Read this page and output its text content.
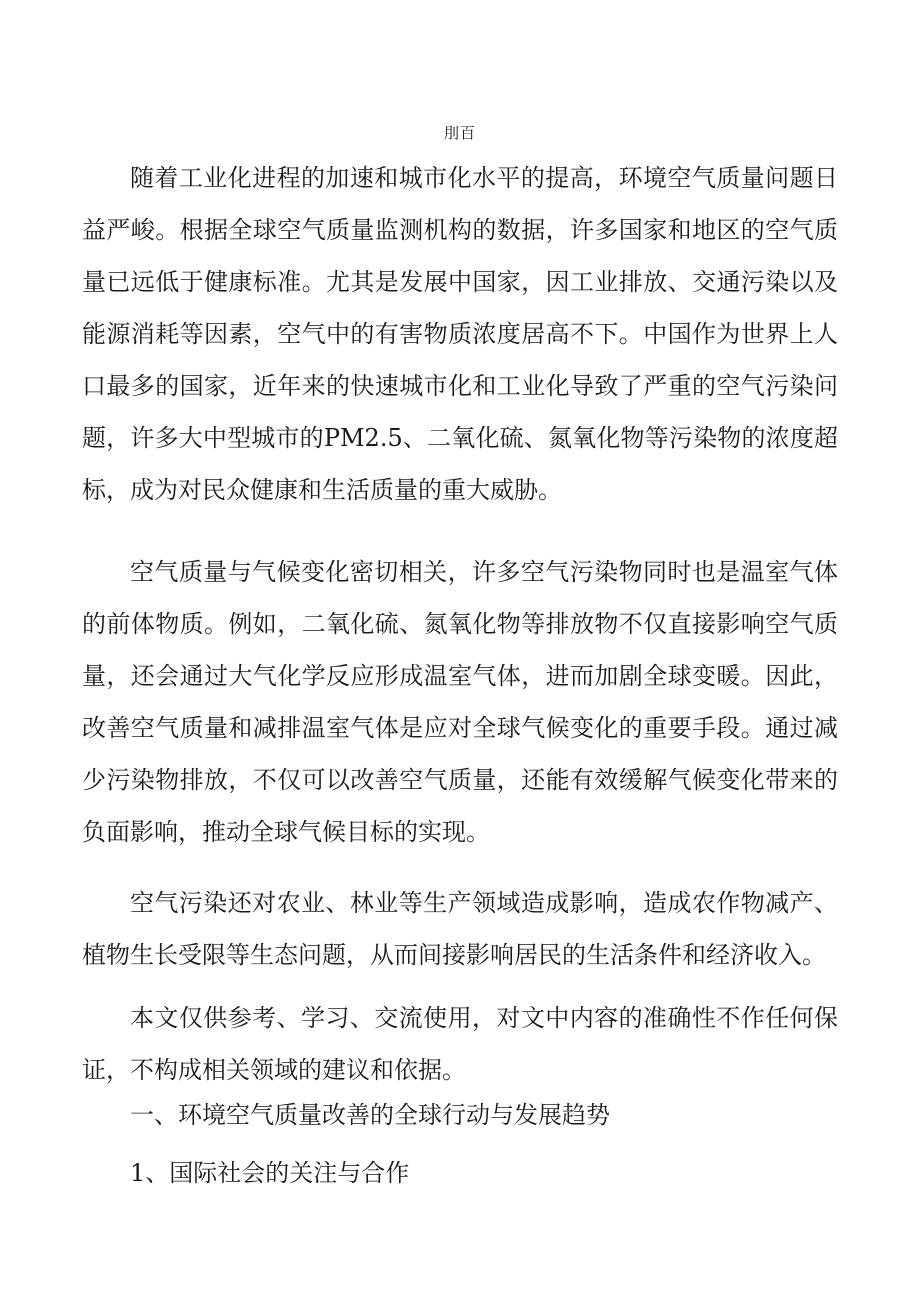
刖百

随着工业化进程的加速和城市化水平的提高，环境空气质量问题日益严峻。根据全球空气质量监测机构的数据，许多国家和地区的空气质量已远低于健康标准。尤其是发展中国家，因工业排放、交通污染以及能源消耗等因素，空气中的有害物质浓度居高不下。中国作为世界上人口最多的国家，近年来的快速城市化和工业化导致了严重的空气污染问题，许多大中型城市的PM2.5、二氧化硫、氮氧化物等污染物的浓度超标，成为对民众健康和生活质量的重大威胁。

空气质量与气候变化密切相关，许多空气污染物同时也是温室气体的前体物质。例如，二氧化硫、氮氧化物等排放物不仅直接影响空气质量，还会通过大气化学反应形成温室气体，进而加剧全球变暖。因此，改善空气质量和减排温室气体是应对全球气候变化的重要手段。通过减少污染物排放，不仅可以改善空气质量，还能有效缓解气候变化带来的负面影响，推动全球气候目标的实现。

空气污染还对农业、林业等生产领域造成影响，造成农作物减产、植物生长受限等生态问题，从而间接影响居民的生活条件和经济收入。

本文仅供参考、学习、交流使用，对文中内容的准确性不作任何保证，不构成相关领域的建议和依据。

一、环境空气质量改善的全球行动与发展趋势

1、国际社会的关注与合作
